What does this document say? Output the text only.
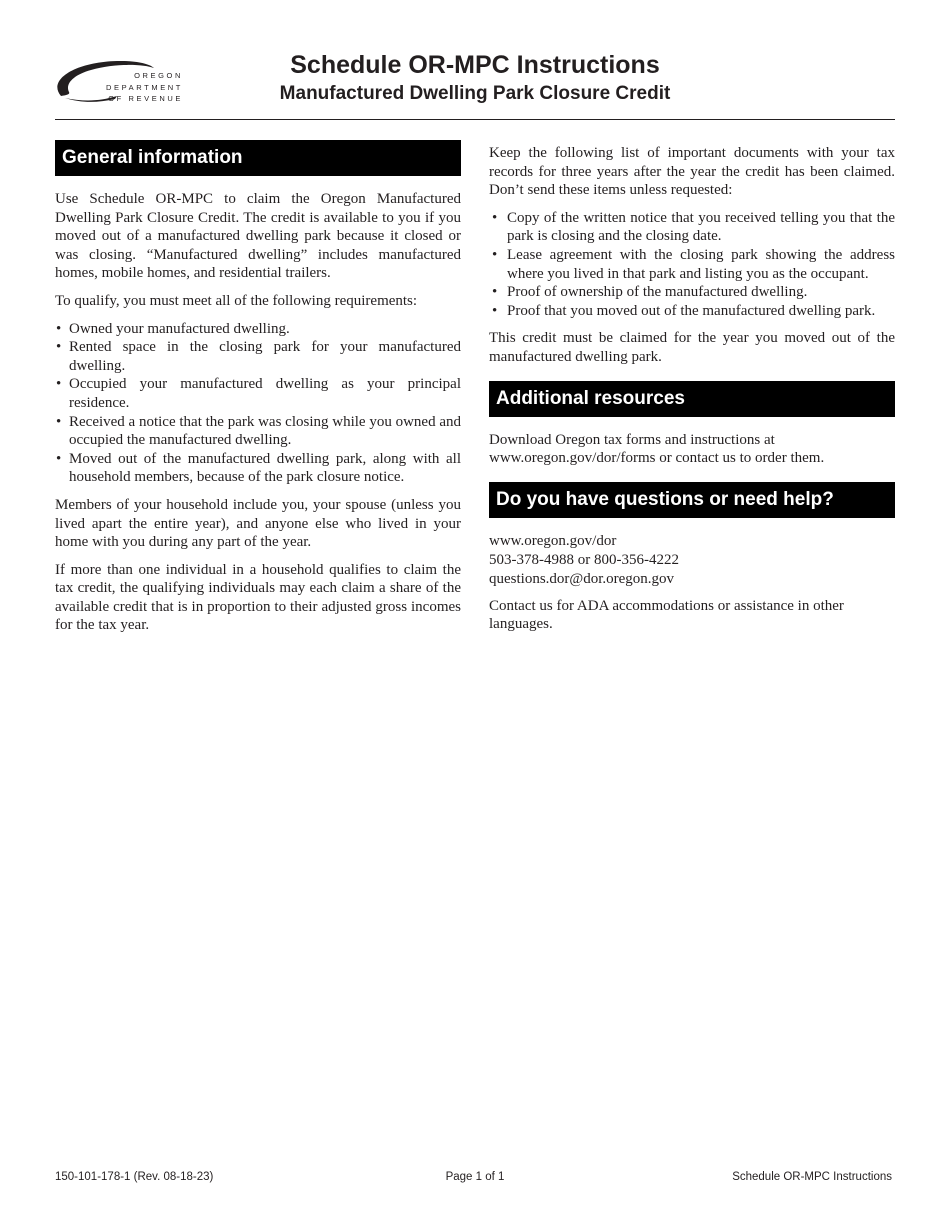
OREGON
DEPARTMENT
OF REVENUE
Schedule OR-MPC Instructions
Manufactured Dwelling Park Closure Credit
General information

Use Schedule OR-MPC to claim the Oregon Manufactured Dwelling Park Closure Credit. The credit is available to you if you moved out of a manufactured dwelling park because it closed or was closing. “Manufactured dwelling” includes manufactured homes, mobile homes, and residential trailers.

To qualify, you must meet all of the following requirements:

• Owned your manufactured dwelling.
• Rented space in the closing park for your manufactured dwelling.
• Occupied your manufactured dwelling as your principal residence.
• Received a notice that the park was closing while you owned and occupied the manufactured dwelling.
• Moved out of the manufactured dwelling park, along with all household members, because of the park closure notice.

Members of your household include you, your spouse (unless you lived apart the entire year), and anyone else who lived in your home with you during any part of the year.

If more than one individual in a household qualifies to claim the tax credit, the qualifying individuals may each claim a share of the available credit that is in proportion to their adjusted gross incomes for the tax year.

Keep the following list of important documents with your tax records for three years after the year the credit has been claimed. Don’t send these items unless requested:

• Copy of the written notice that you received telling you that the park is closing and the closing date.
• Lease agreement with the closing park showing the address where you lived in that park and listing you as the occupant.
• Proof of ownership of the manufactured dwelling.
• Proof that you moved out of the manufactured dwelling park.

This credit must be claimed for the year you moved out of the manufactured dwelling park.

Additional resources

Download Oregon tax forms and instructions at www.oregon.gov/dor/forms or contact us to order them.

Do you have questions or need help?
www.oregon.gov/dor
503-378-4988 or 800-356-4222
questions.dor@dor.oregon.gov

Contact us for ADA accommodations or assistance in other languages.

150-101-178-1 (Rev. 08-18-23)	Page 1 of 1	Schedule OR-MPC Instructions
